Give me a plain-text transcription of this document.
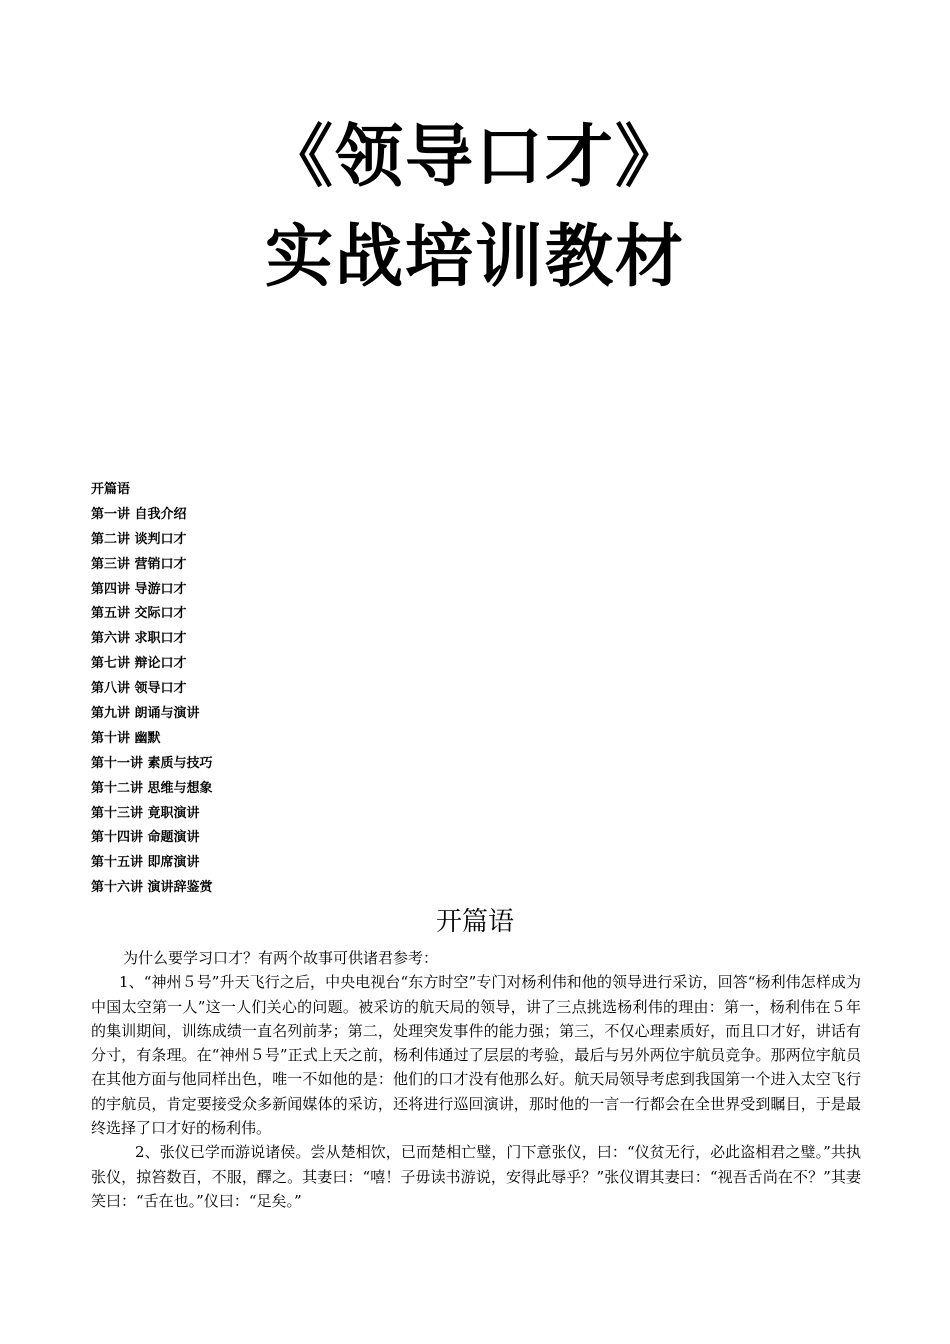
《领导口才》
实战培训教材
开篇语
第一讲 自我介绍
第二讲 谈判口才
第三讲 营销口才
第四讲 导游口才
第五讲 交际口才
第六讲 求职口才
第七讲 辩论口才
第八讲 领导口才
第九讲 朗诵与演讲
第十讲 幽默
第十一讲 素质与技巧
第十二讲 思维与想象
第十三讲 竟职演讲
第十四讲 命题演讲
第十五讲 即席演讲
第十六讲 演讲辞鉴赏
开篇语

为什么要学习口才？有两个故事可供诸君参考：

1、“神州５号”升天飞行之后，中央电视台“东方时空”专门对杨利伟和他的领导进行采访，回答“杨利伟怎样成为中国太空第一人”这一人们关心的问题。被采访的航天局的领导，讲了三点挑选杨利伟的理由：第一，杨利伟在５年的集训期间，训练成绩一直名列前茅；第二，处理突发事件的能力强；第三，不仅心理素质好，而且口才好，讲话有分寸，有条理。在“神州５号”正式上天之前，杨利伟通过了层层的考验，最后与另外两位宇航员竞争。那两位宇航员在其他方面与他同样出色，唯一不如他的是：他们的口才没有他那么好。航天局领导考虑到我国第一个进入太空飞行的宇航员，肯定要接受众多新闻媒体的采访，还将进行巡回演讲，那时他的一言一行都会在全世界受到瞩目，于是最终选择了口才好的杨利伟。

2、张仪已学而游说诸侯。尝从楚相饮，已而楚相亡璧，门下意张仪，曰：“仪贫无行，必此盗相君之璧。”共执张仪，掠笞数百，不服，醳之。其妻曰：“嘻！子毋读书游说，安得此辱乎？”张仪谓其妻曰：“视吾舌尚在不？”其妻笑曰：“舌在也。”仪曰：“足矣。”
